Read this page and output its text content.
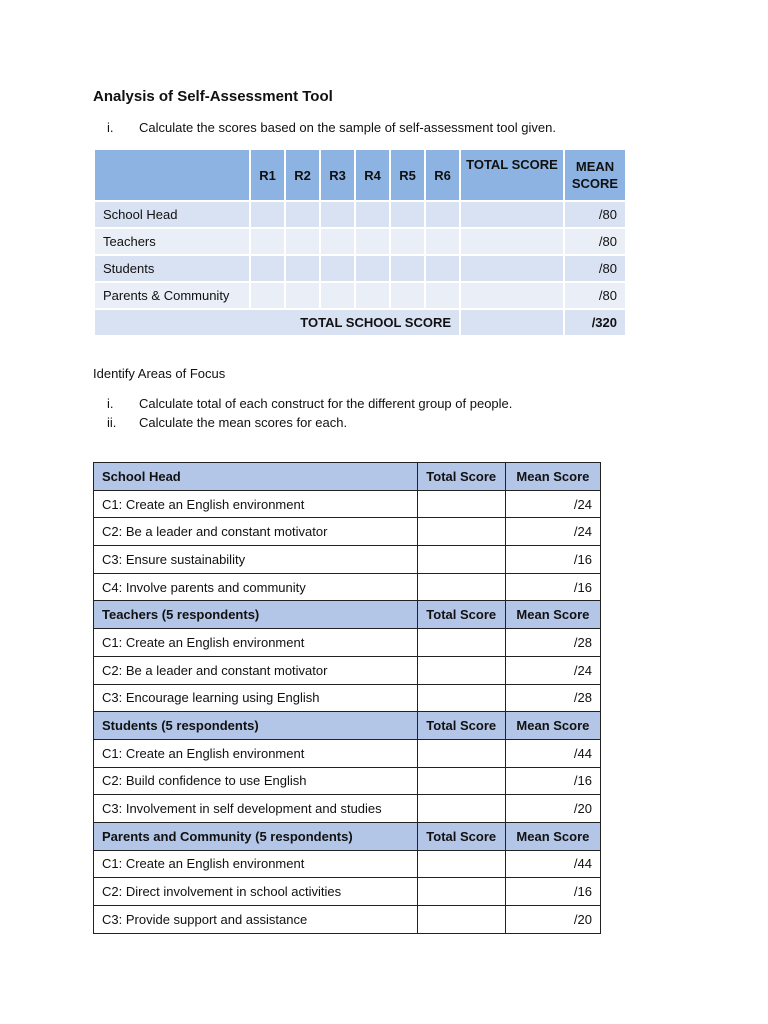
Analysis of Self-Assessment Tool
i.	Calculate the scores based on the sample of self-assessment tool given.
	R1	R2	R3	R4	R5	R6	TOTAL SCORE	MEAN SCORE
School Head								/80
Teachers								/80
Students								/80
Parents & Community								/80
TOTAL SCHOOL SCORE								/320
Identify Areas of Focus
i.	Calculate total of each construct for the different group of people.
ii.	Calculate the mean scores for each.
School Head	Total Score	Mean Score
C1: Create an English environment		/24
C2: Be a leader and constant motivator		/24
C3: Ensure sustainability		/16
C4: Involve parents and community		/16
Teachers (5 respondents)	Total Score	Mean Score
C1: Create an English environment		/28
C2: Be a leader and constant motivator		/24
C3: Encourage learning using English		/28
Students (5 respondents)	Total Score	Mean Score
C1: Create an English environment		/44
C2: Build confidence to use English		/16
C3: Involvement in self development and studies		/20
Parents and Community (5 respondents)	Total Score	Mean Score
C1: Create an English environment		/44
C2: Direct involvement in school activities		/16
C3: Provide support and assistance		/20
